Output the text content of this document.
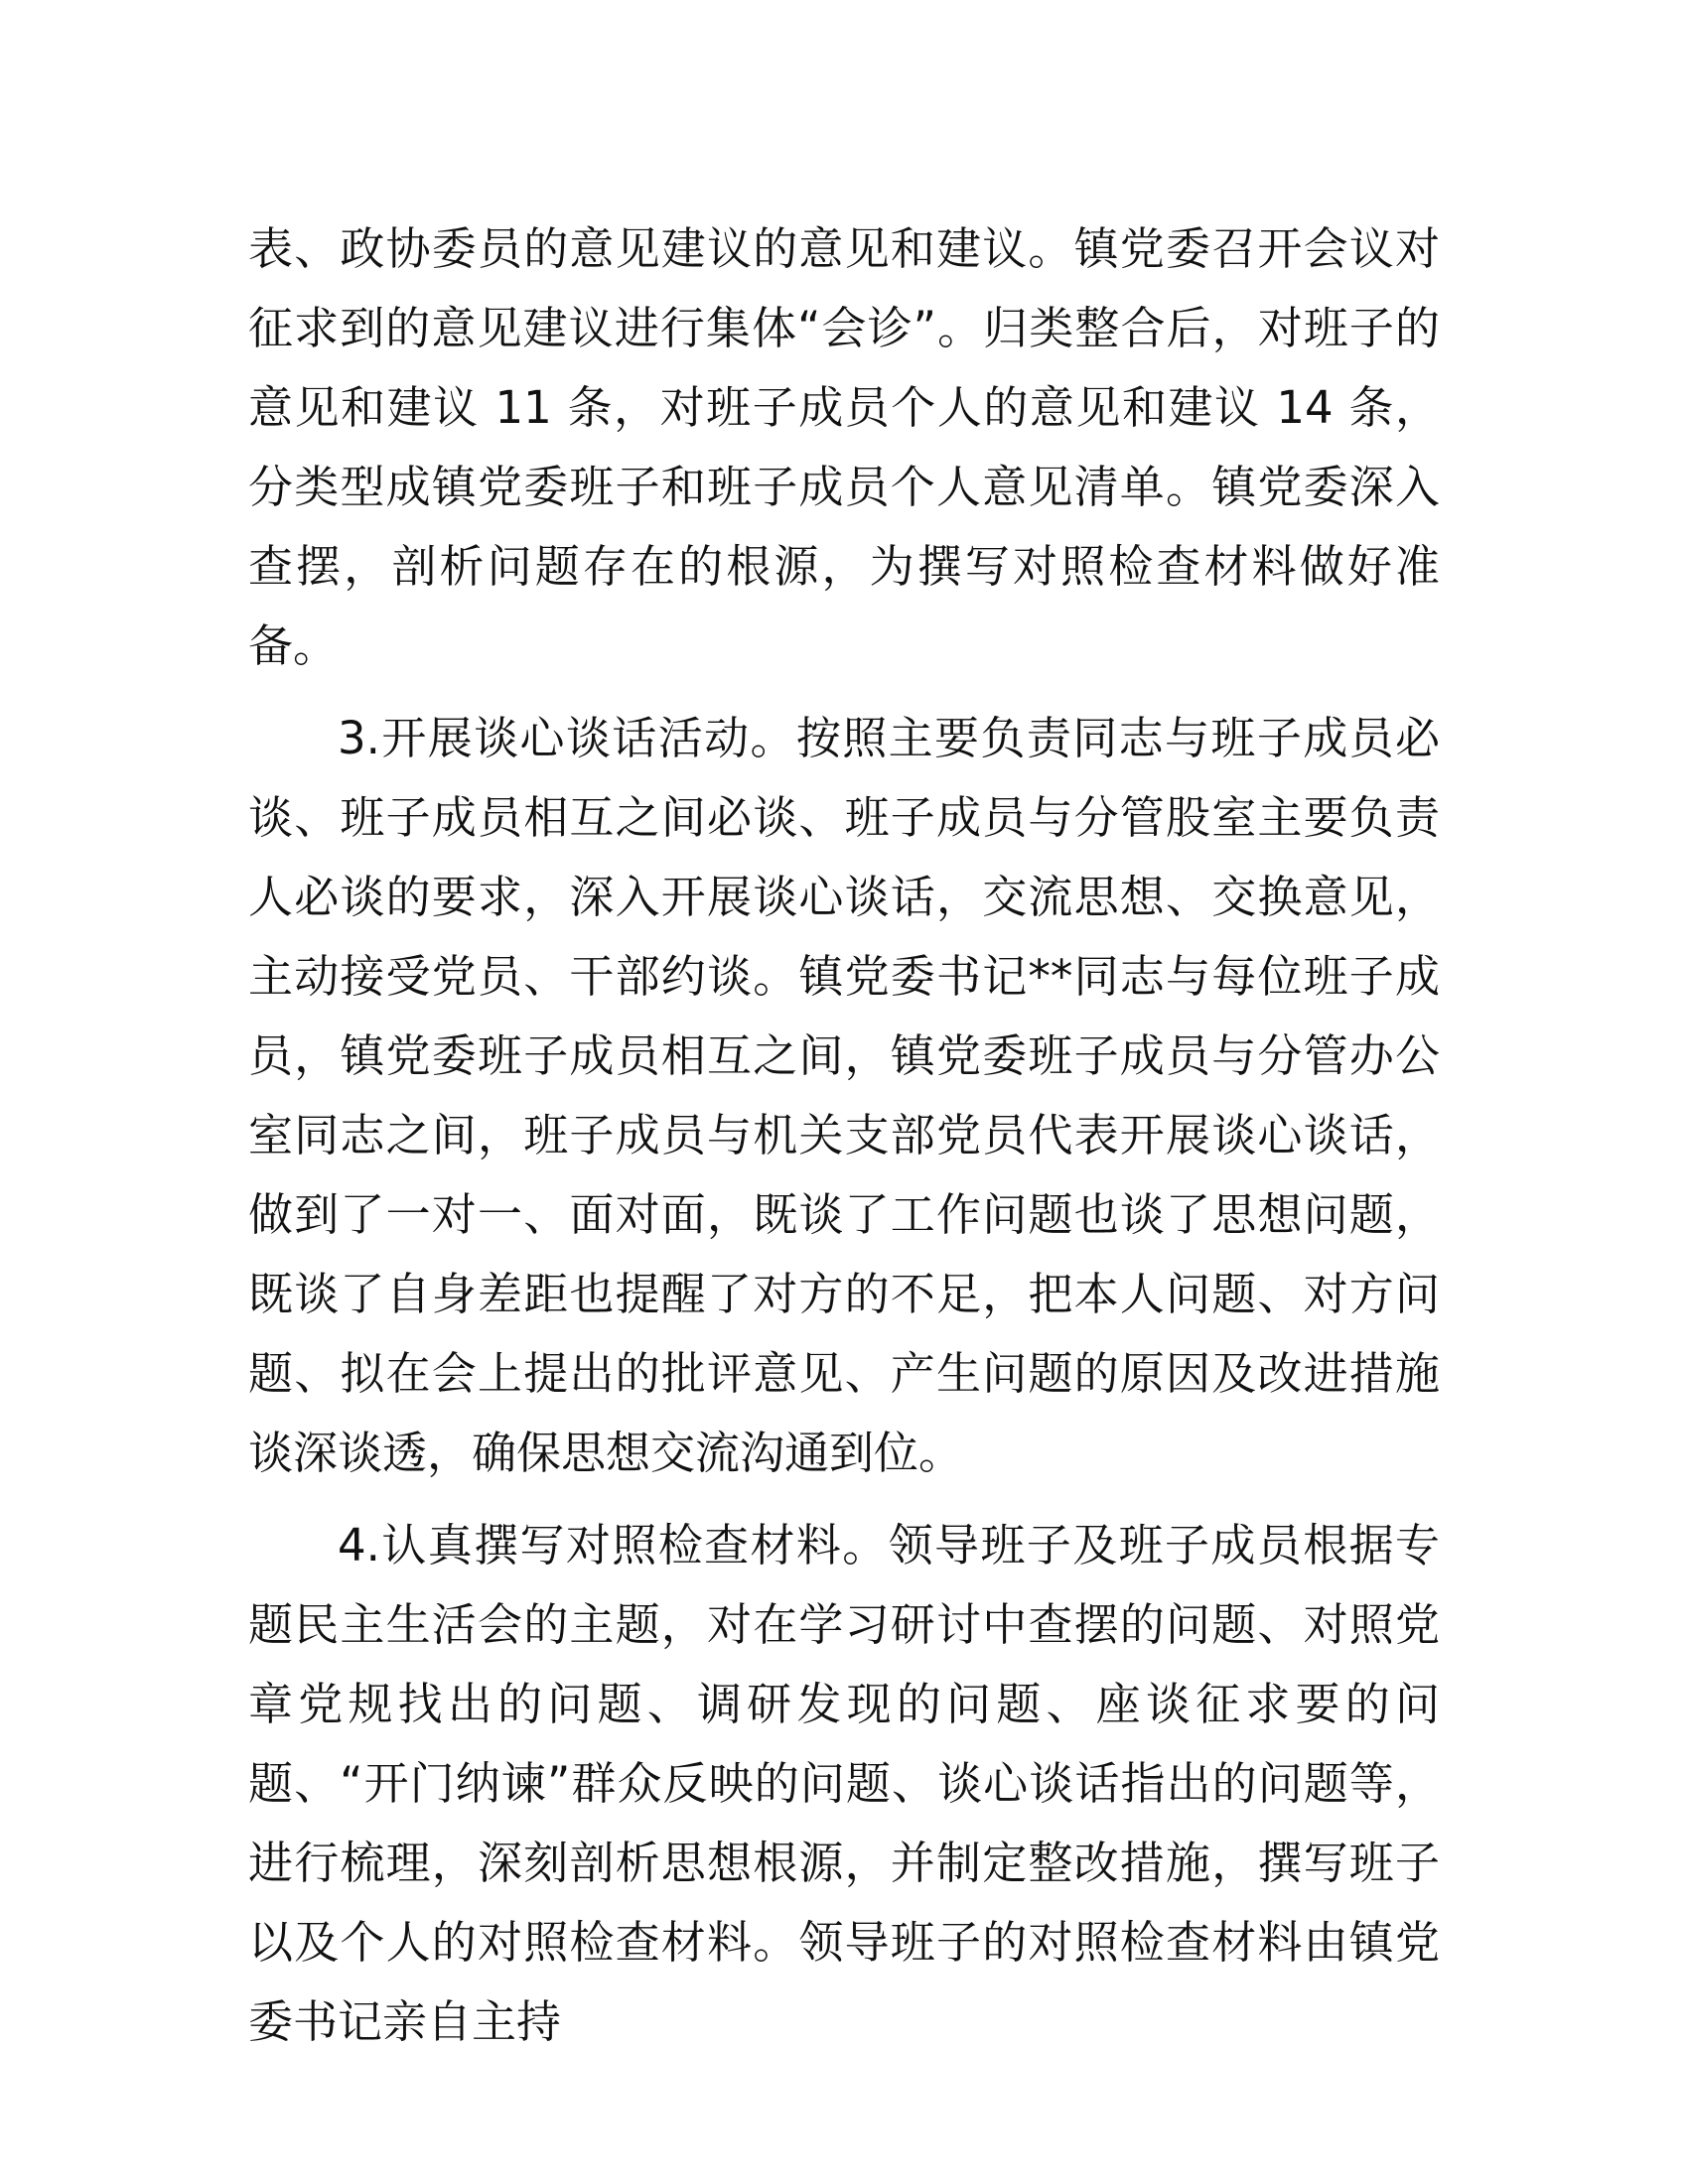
表、政协委员的意见建议的意见和建议。镇党委召开会议对征求到的意见建议进行集体“会诊”。归类整合后，对班子的意见和建议 11 条，对班子成员个人的意见和建议 14 条，分类型成镇党委班子和班子成员个人意见清单。镇党委深入查摆，剖析问题存在的根源，为撰写对照检查材料做好准备。

3.开展谈心谈话活动。按照主要负责同志与班子成员必谈、班子成员相互之间必谈、班子成员与分管股室主要负责人必谈的要求，深入开展谈心谈话，交流思想、交换意见，主动接受党员、干部约谈。镇党委书记**同志与每位班子成员，镇党委班子成员相互之间，镇党委班子成员与分管办公室同志之间，班子成员与机关支部党员代表开展谈心谈话，做到了一对一、面对面，既谈了工作问题也谈了思想问题，既谈了自身差距也提醒了对方的不足，把本人问题、对方问题、拟在会上提出的批评意见、产生问题的原因及改进措施谈深谈透，确保思想交流沟通到位。

4.认真撰写对照检查材料。领导班子及班子成员根据专题民主生活会的主题，对在学习研讨中查摆的问题、对照党章党规找出的问题、调研发现的问题、座谈征求要的问题、“开门纳谏”群众反映的问题、谈心谈话指出的问题等，进行梳理，深刻剖析思想根源，并制定整改措施，撰写班子以及个人的对照检查材料。领导班子的对照检查材料由镇党委书记亲自主持
